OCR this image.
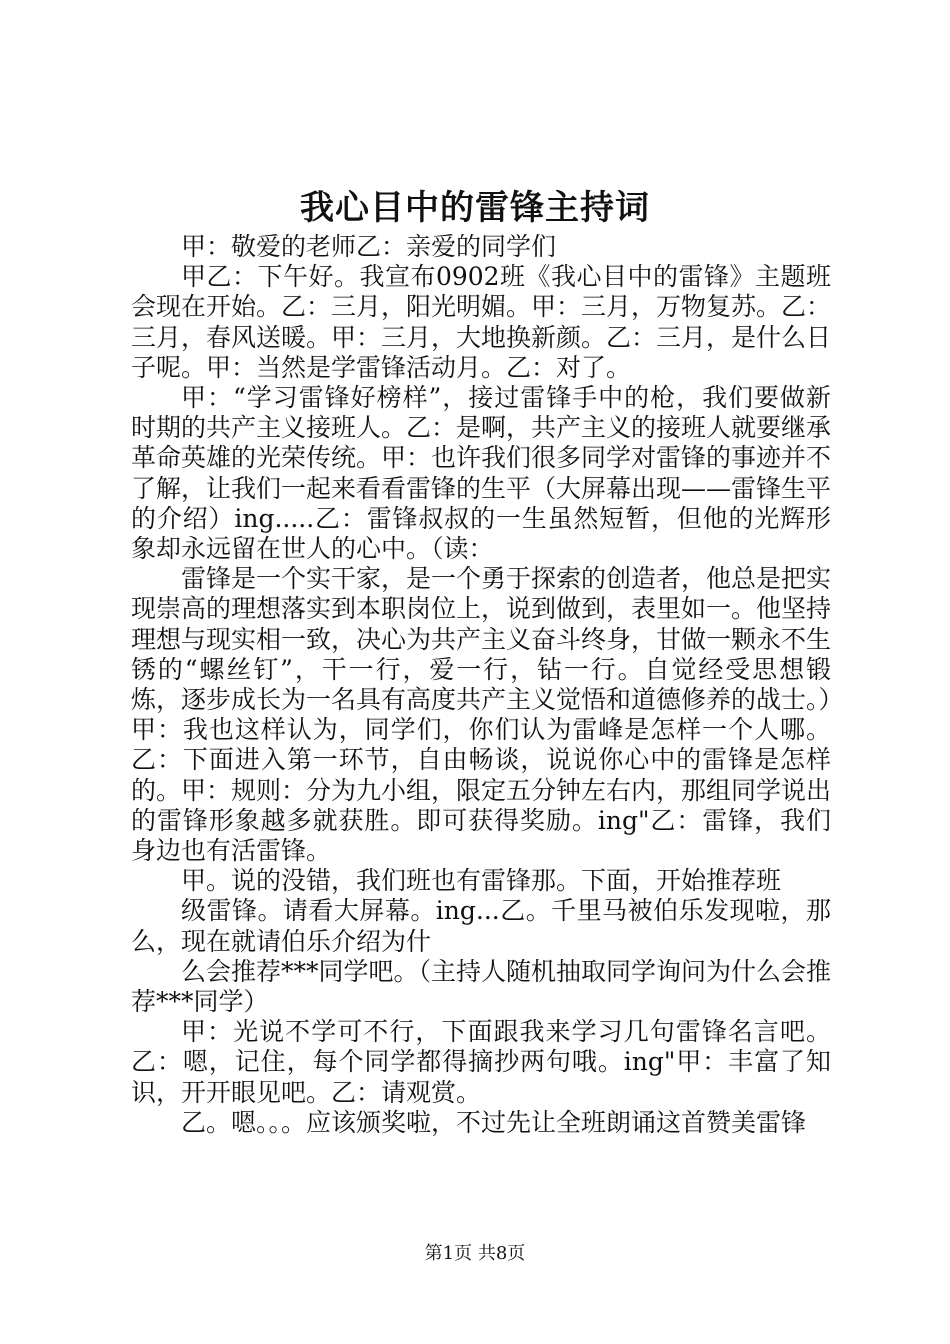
我心目中的雷锋主持词

甲：敬爱的老师乙：亲爱的同学们

甲乙：下午好。我宣布0902班《我心目中的雷锋》主题班会现在开始。乙：三月，阳光明媚。甲：三月，万物复苏。乙：三月，春风送暖。甲：三月，大地换新颜。乙：三月，是什么日子呢。甲：当然是学雷锋活动月。乙：对了。

甲：“学习雷锋好榜样”，接过雷锋手中的枪，我们要做新时期的共产主义接班人。乙：是啊，共产主义的接班人就要继承革命英雄的光荣传统。甲：也许我们很多同学对雷锋的事迹并不了解，让我们一起来看看雷锋的生平（大屏幕出现——雷锋生平的介绍）ing.....乙：雷锋叔叔的一生虽然短暂，但他的光辉形象却永远留在世人的心中。（读：

雷锋是一个实干家，是一个勇于探索的创造者，他总是把实现崇高的理想落实到本职岗位上，说到做到，表里如一。他坚持理想与现实相一致，决心为共产主义奋斗终身，甘做一颗永不生锈的“螺丝钉”，干一行，爱一行，钻一行。自觉经受思想锻炼，逐步成长为一名具有高度共产主义觉悟和道德修养的战士。）甲：我也这样认为，同学们，你们认为雷峰是怎样一个人哪。乙：下面进入第一环节，自由畅谈，说说你心中的雷锋是怎样的。甲：规则：分为九小组，限定五分钟左右内，那组同学说出的雷锋形象越多就获胜。即可获得奖励。ing"乙：雷锋，我们身边也有活雷锋。

甲。说的没错，我们班也有雷锋那。下面，开始推荐班

级雷锋。请看大屏幕。ing...乙。千里马被伯乐发现啦，那么，现在就请伯乐介绍为什

么会推荐***同学吧。（主持人随机抽取同学询问为什么会推荐***同学）

甲：光说不学可不行，下面跟我来学习几句雷锋名言吧。乙：嗯，记住，每个同学都得摘抄两句哦。ing"甲：丰富了知识，开开眼见吧。乙：请观赏。

乙。嗯。。。应该颁奖啦，不过先让全班朗诵这首赞美雷锋

第1页 共8页
